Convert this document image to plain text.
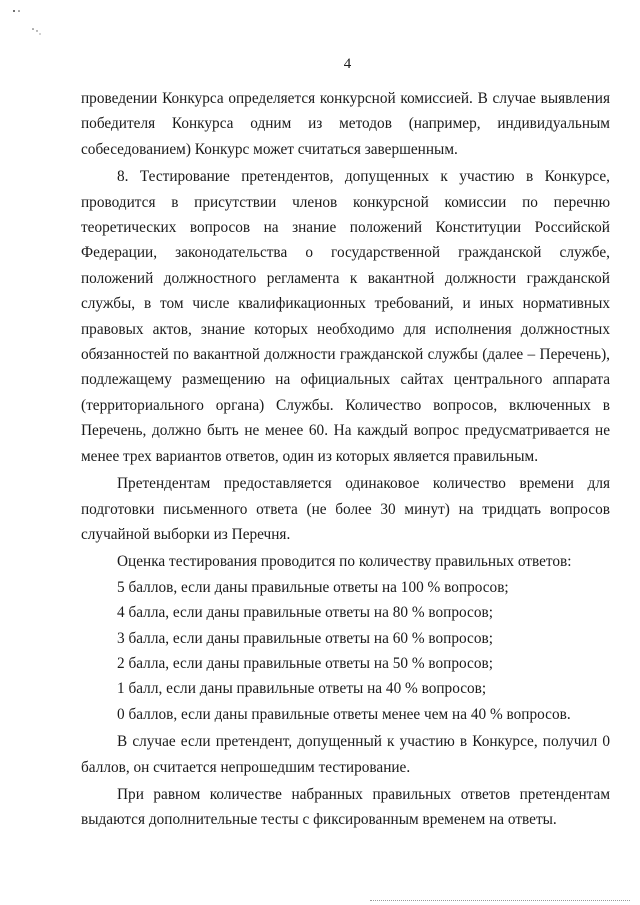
4

проведении Конкурса определяется конкурсной комиссией. В случае выявления победителя Конкурса одним из методов (например, индивидуальным собеседованием) Конкурс может считаться завершенным.

8. Тестирование претендентов, допущенных к участию в Конкурсе, проводится в присутствии членов конкурсной комиссии по перечню теоретических вопросов на знание положений Конституции Российской Федерации, законодательства о государственной гражданской службе, положений должностного регламента к вакантной должности гражданской службы, в том числе квалификационных требований, и иных нормативных правовых актов, знание которых необходимо для исполнения должностных обязанностей по вакантной должности гражданской службы (далее – Перечень), подлежащему размещению на официальных сайтах центрального аппарата (территориального органа) Службы. Количество вопросов, включенных в Перечень, должно быть не менее 60. На каждый вопрос предусматривается не менее трех вариантов ответов, один из которых является правильным.

Претендентам предоставляется одинаковое количество времени для подготовки письменного ответа (не более 30 минут) на тридцать вопросов случайной выборки из Перечня.

Оценка тестирования проводится по количеству правильных ответов:

5 баллов, если даны правильные ответы на 100 % вопросов;

4 балла, если даны правильные ответы на 80 % вопросов;

3 балла, если даны правильные ответы на 60 % вопросов;

2 балла, если даны правильные ответы на 50 % вопросов;

1 балл, если даны правильные ответы на 40 % вопросов;

0 баллов, если даны правильные ответы менее чем на 40 % вопросов.

В случае если претендент, допущенный к участию в Конкурсе, получил 0 баллов, он считается непрошедшим тестирование.

При равном количестве набранных правильных ответов претендентам выдаются дополнительные тесты с фиксированным временем на ответы.
